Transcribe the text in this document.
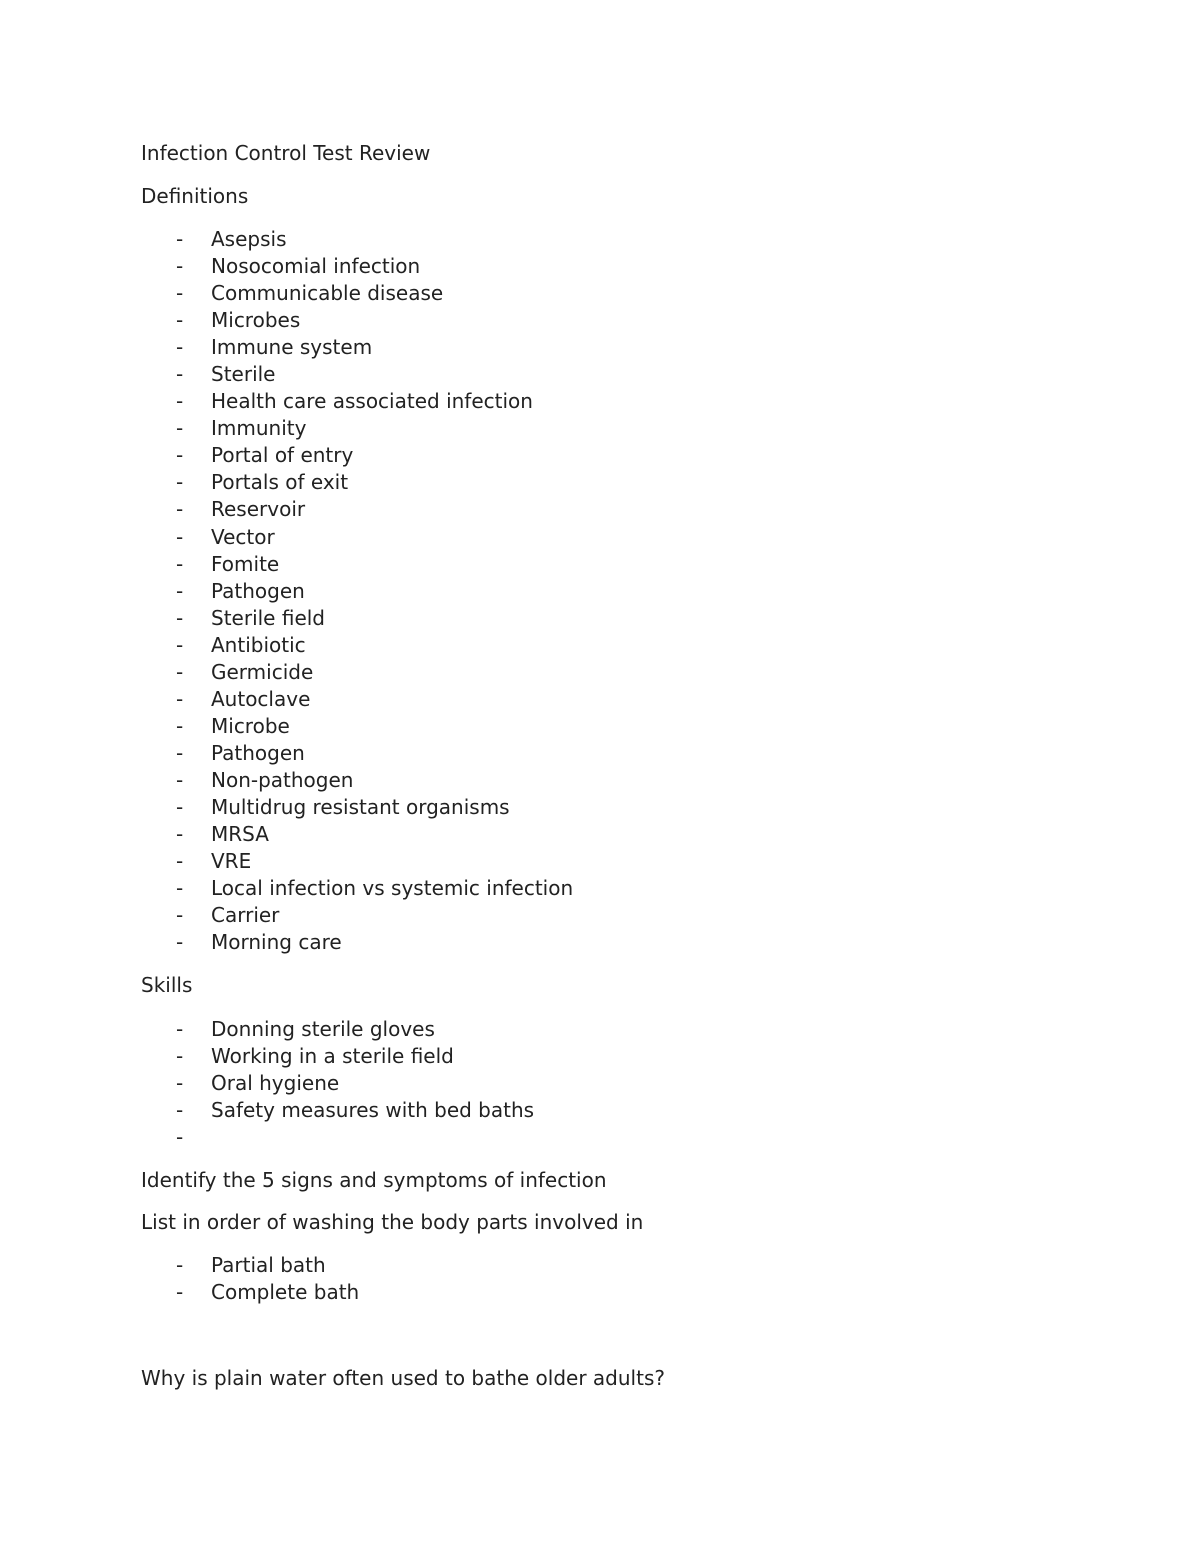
Infection Control Test Review
Definitions
- Asepsis
- Nosocomial infection
- Communicable disease
- Microbes
- Immune system
- Sterile
- Health care associated infection
- Immunity
- Portal of entry
- Portals of exit
- Reservoir
- Vector
- Fomite
- Pathogen
- Sterile field
- Antibiotic
- Germicide
- Autoclave
- Microbe
- Pathogen
- Non-pathogen
- Multidrug resistant organisms
- MRSA
- VRE
- Local infection vs systemic infection
- Carrier
- Morning care
Skills
- Donning sterile gloves
- Working in a sterile field
- Oral hygiene
- Safety measures with bed baths
-
Identify the 5 signs and symptoms of infection
List in order of washing the body parts involved in
- Partial bath
- Complete bath
Why is plain water often used to bathe older adults?
